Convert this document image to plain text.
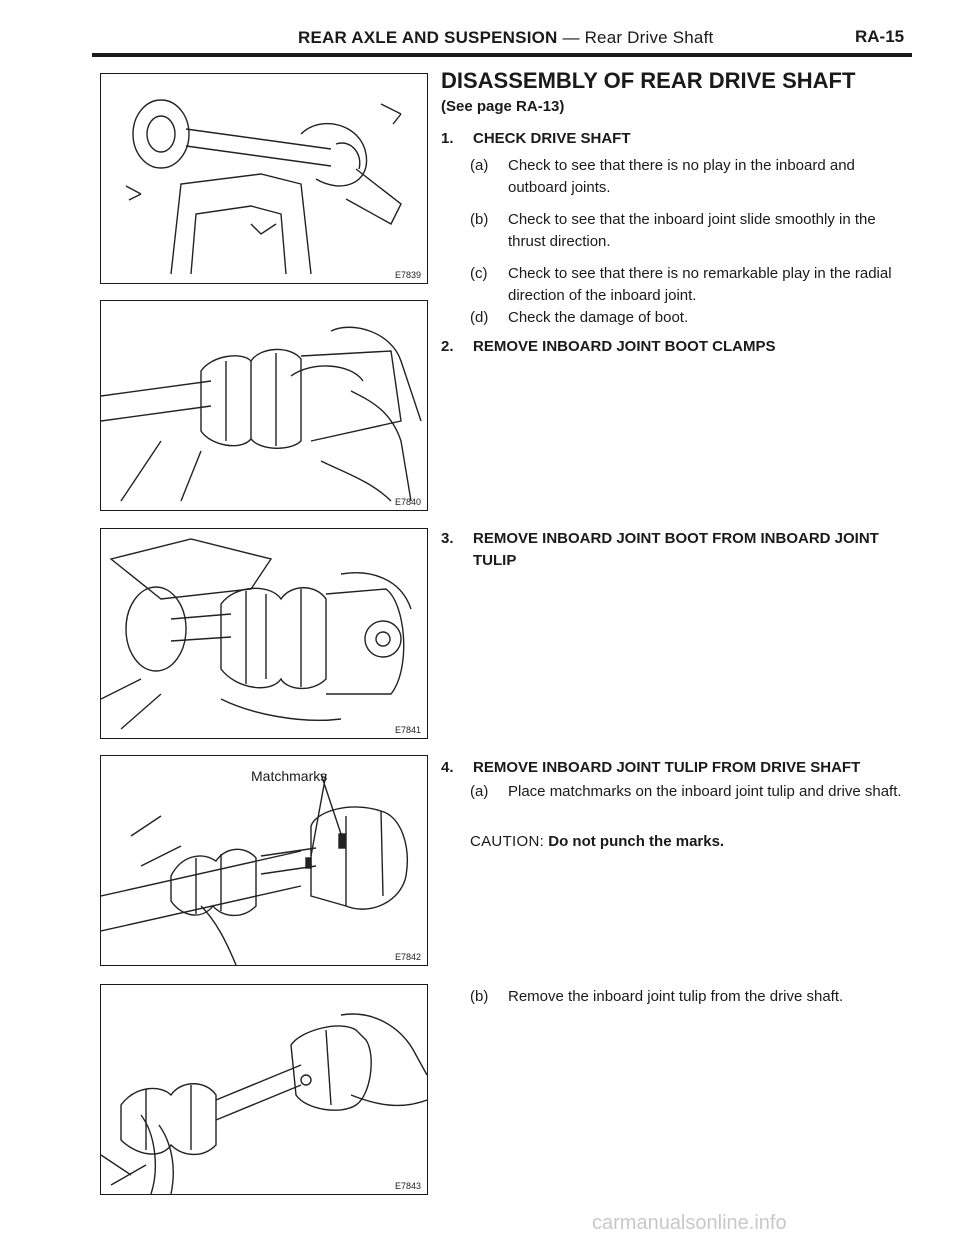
REAR AXLE AND SUSPENSION — Rear Drive Shaft	RA-15
E7839
E7840
E7841
Matchmarks
E7842
E7843
DISASSEMBLY OF REAR DRIVE SHAFT
(See page RA-13)
1.	CHECK DRIVE SHAFT
(a)	Check to see that there is no play in the inboard and outboard joints.
(b)	Check to see that the inboard joint slide smoothly in the thrust direction.
(c)	Check to see that there is no remarkable play in the radial direction of the inboard joint.
(d)	Check the damage of boot.
2.	REMOVE INBOARD JOINT BOOT CLAMPS
3.	REMOVE INBOARD JOINT BOOT FROM INBOARD JOINT TULIP
4.	REMOVE INBOARD JOINT TULIP FROM DRIVE SHAFT
(a)	Place matchmarks on the inboard joint tulip and drive shaft.
CAUTION: Do not punch the marks.
(b)	Remove the inboard joint tulip from the drive shaft.
carmanualsonline.info
